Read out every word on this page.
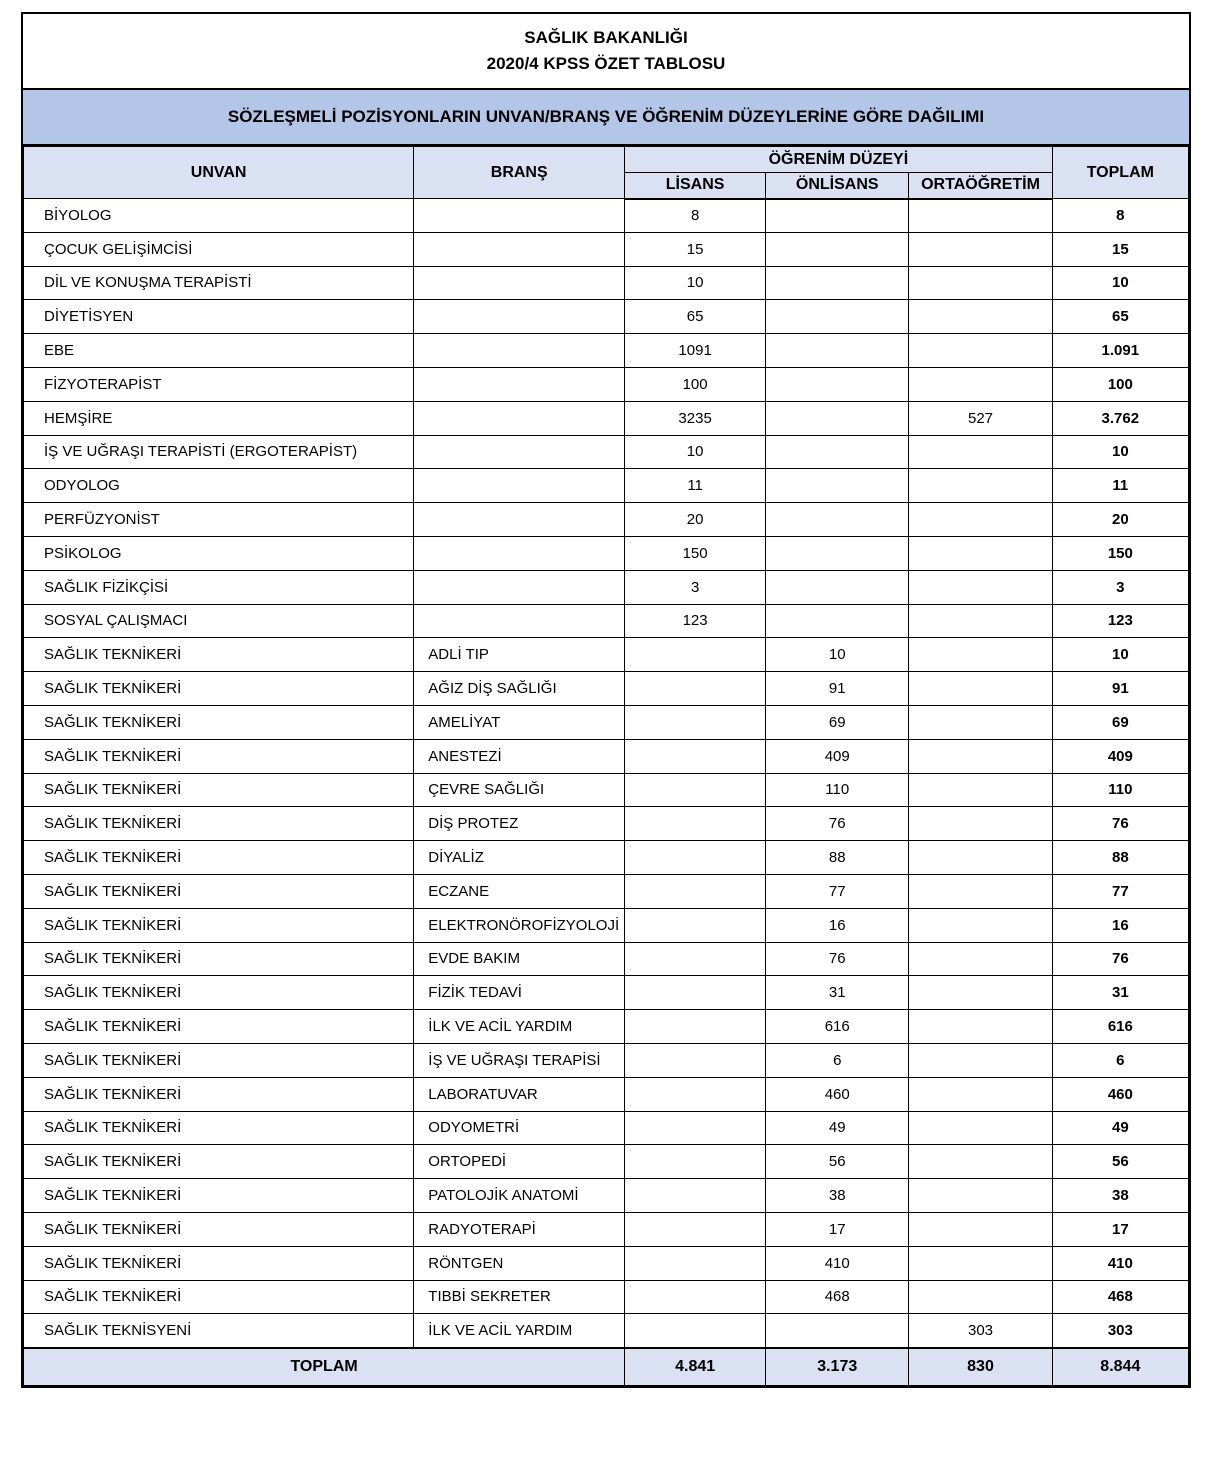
SAĞLIK BAKANLIĞI
2020/4 KPSS ÖZET TABLOSU
SÖZLEŞMELİ POZİSYONLARIN UNVAN/BRANŞ VE ÖĞRENİM DÜZEYLERİNE GÖRE DAĞILIMI
UNVAN	BRANŞ	ÖĞRENİM DÜZEYİ			TOPLAM
		LİSANS	ÖNLİSANS	ORTAÖĞRETİM	
BİYOLOG		8			8
ÇOCUK GELİŞİMCİSİ		15			15
DİL VE KONUŞMA TERAPİSTİ		10			10
DİYETİSYEN		65			65
EBE		1091			1.091
FİZYOTERAPİST		100			100
HEMŞİRE		3235		527	3.762
İŞ VE UĞRAŞI TERAPİSTİ (ERGOTERAPİST)		10			10
ODYOLOG		11			11
PERFÜZYONİST		20			20
PSİKOLOG		150			150
SAĞLIK FİZİKÇİSİ		3			3
SOSYAL ÇALIŞMACI		123			123
SAĞLIK TEKNİKERİ	ADLİ TIP		10		10
SAĞLIK TEKNİKERİ	AĞIZ DİŞ SAĞLIĞI		91		91
SAĞLIK TEKNİKERİ	AMELİYAT		69		69
SAĞLIK TEKNİKERİ	ANESTEZİ		409		409
SAĞLIK TEKNİKERİ	ÇEVRE SAĞLIĞI		110		110
SAĞLIK TEKNİKERİ	DİŞ PROTEZ		76		76
SAĞLIK TEKNİKERİ	DİYALİZ		88		88
SAĞLIK TEKNİKERİ	ECZANE		77		77
SAĞLIK TEKNİKERİ	ELEKTRONÖROFİZYOLOJİ		16		16
SAĞLIK TEKNİKERİ	EVDE BAKIM		76		76
SAĞLIK TEKNİKERİ	FİZİK TEDAVİ		31		31
SAĞLIK TEKNİKERİ	İLK VE ACİL YARDIM		616		616
SAĞLIK TEKNİKERİ	İŞ VE UĞRAŞI TERAPİSİ		6		6
SAĞLIK TEKNİKERİ	LABORATUVAR		460		460
SAĞLIK TEKNİKERİ	ODYOMETRİ		49		49
SAĞLIK TEKNİKERİ	ORTOPEDİ		56		56
SAĞLIK TEKNİKERİ	PATOLOJİK ANATOMİ		38		38
SAĞLIK TEKNİKERİ	RADYOTERAPİ		17		17
SAĞLIK TEKNİKERİ	RÖNTGEN		410		410
SAĞLIK TEKNİKERİ	TIBBİ SEKRETER		468		468
SAĞLIK TEKNİSYENİ	İLK VE ACİL YARDIM			303	303
TOPLAM		4.841	3.173	830	8.844
